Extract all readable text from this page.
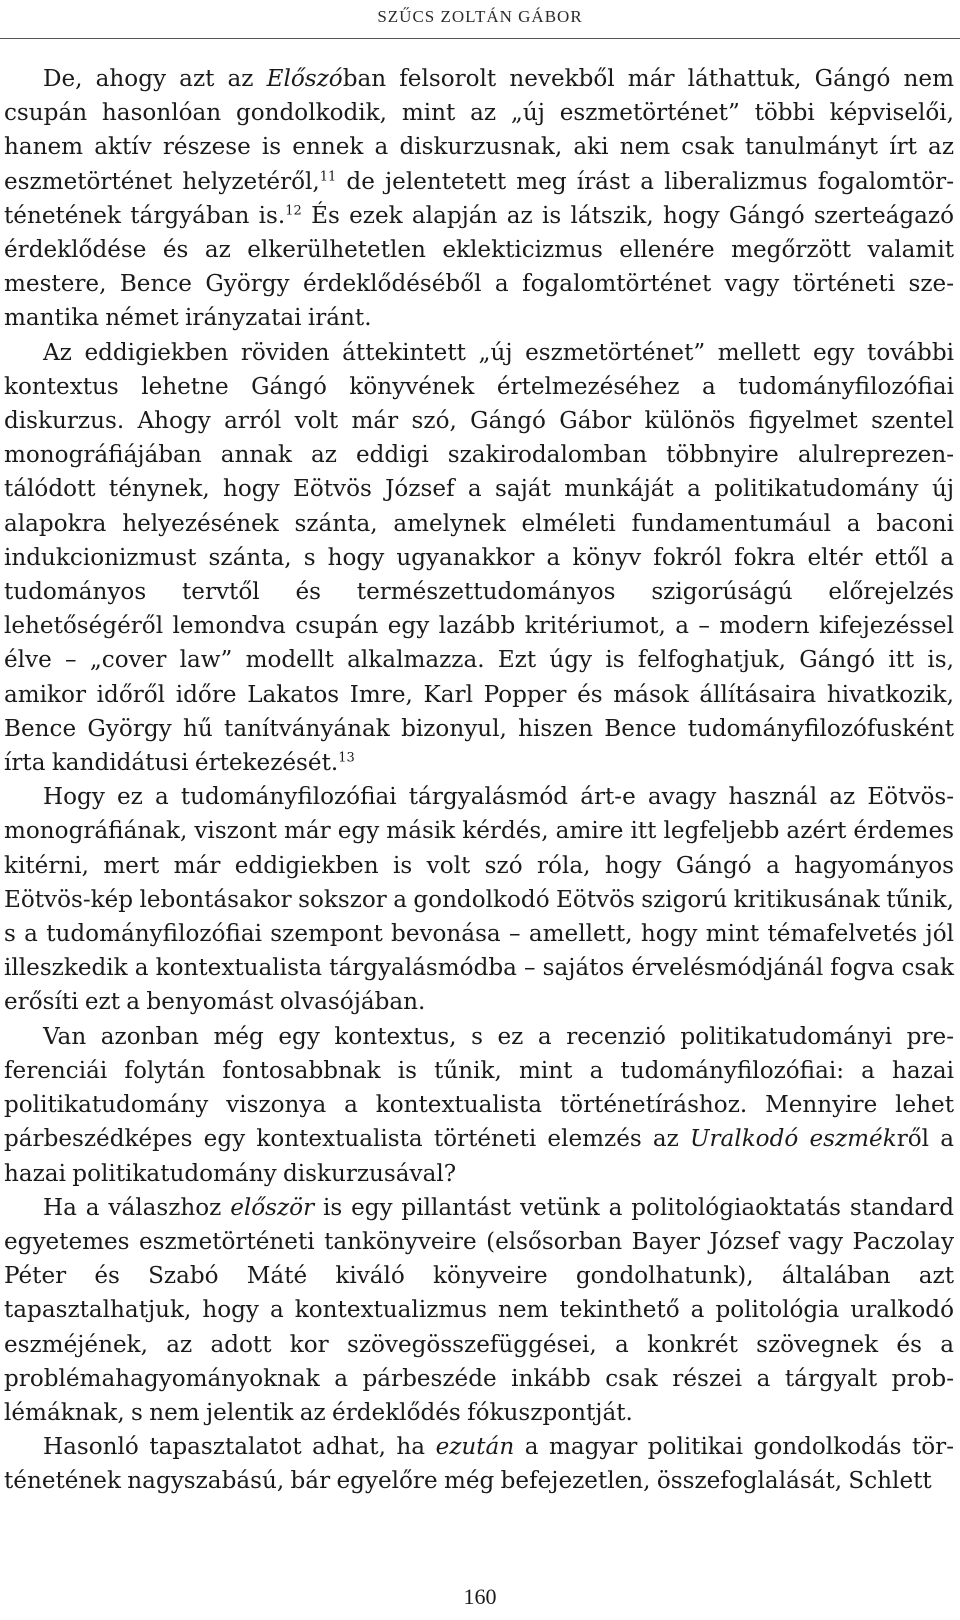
SZŰCS ZOLTÁN GÁBOR

De, ahogy azt az Előszóban felsorolt nevekből már láthattuk, Gángó nem csupán hasonlóan gondolkodik, mint az „új eszmetörténet” többi képviselői, hanem aktív részese is ennek a diskurzusnak, aki nem csak tanulmányt írt az eszmetörténet helyzetéről,$^{11}$ de jelentetett meg írást a liberalizmus fogalomtörténetének tárgyában is.$^{12}$ És ezek alapján az is látszik, hogy Gángó szerteágazó érdeklődése és az elkerülhetetlen eklekticizmus ellenére megőrzött valamit mestere, Bence György érdeklődéséből a fogalomtörténet vagy történeti szemantika német irányzatai iránt.

Az eddigiekben röviden áttekintett „új eszmetörténet” mellett egy további kontextus lehetne Gángó könyvének értelmezéséhez a tudományfilozófiai diskurzus. Ahogy arról volt már szó, Gángó Gábor különös figyelmet szentel monográfiájában annak az eddigi szakirodalomban többnyire alulreprezentálódott ténynek, hogy Eötvös József a saját munkáját a politikatudomány új alapokra helyezésének szánta, amelynek elméleti fundamentumául a baconi indukcionizmust szánta, s hogy ugyanakkor a könyv fokról fokra eltér ettől a tudományos tervtől és természettudományos szigorúságú előrejelzés lehetőségéről lemondva csupán egy lazább kritériumot, a – modern kifejezéssel élve – „cover law” modellt alkalmazza. Ezt úgy is felfoghatjuk, Gángó itt is, amikor időről időre Lakatos Imre, Karl Popper és mások állításaira hivatkozik, Bence György hű tanítványának bizonyul, hiszen Bence tudományfilozófusként írta kandidátusi értekezését.$^{13}$

Hogy ez a tudományfilozófiai tárgyalásmód árt-e avagy használ az Eötvös-monográfiának, viszont már egy másik kérdés, amire itt legfeljebb azért érdemes kitérni, mert már eddigiekben is volt szó róla, hogy Gángó a hagyományos Eötvös-kép lebontásakor sokszor a gondolkodó Eötvös szigorú kritikusának tűnik, s a tudományfilozófiai szempont bevonása – amellett, hogy mint témafelvetés jól illeszkedik a kontextualista tárgyalásmódba – sajátos érvelésmódjánál fogva csak erősíti ezt a benyomást olvasójában.

Van azonban még egy kontextus, s ez a recenzió politikatudományi preferenciái folytán fontosabbnak is tűnik, mint a tudományfilozófiai: a hazai politikatudomány viszonya a kontextualista történetíráshoz. Mennyire lehet párbeszédképes egy kontextualista történeti elemzés az Uralkodó eszmékről a hazai politikatudomány diskurzusával?

Ha a válaszhoz először is egy pillantást vetünk a politológiaoktatás standard egyetemes eszmetörténeti tankönyveire (elsősorban Bayer József vagy Paczolay Péter és Szabó Máté kiváló könyveire gondolhatunk), általában azt tapasztalhatjuk, hogy a kontextualizmus nem tekinthető a politológia uralkodó eszméjének, az adott kor szövegösszefüggései, a konkrét szövegnek és a problémahagyományoknak a párbeszéde inkább csak részei a tárgyalt problémáknak, s nem jelentik az érdeklődés fókuszpontját.

Hasonló tapasztalatot adhat, ha ezután a magyar politikai gondolkodás történetének nagyszabású, bár egyelőre még befejezetlen, összefoglalását, Schlett

160
